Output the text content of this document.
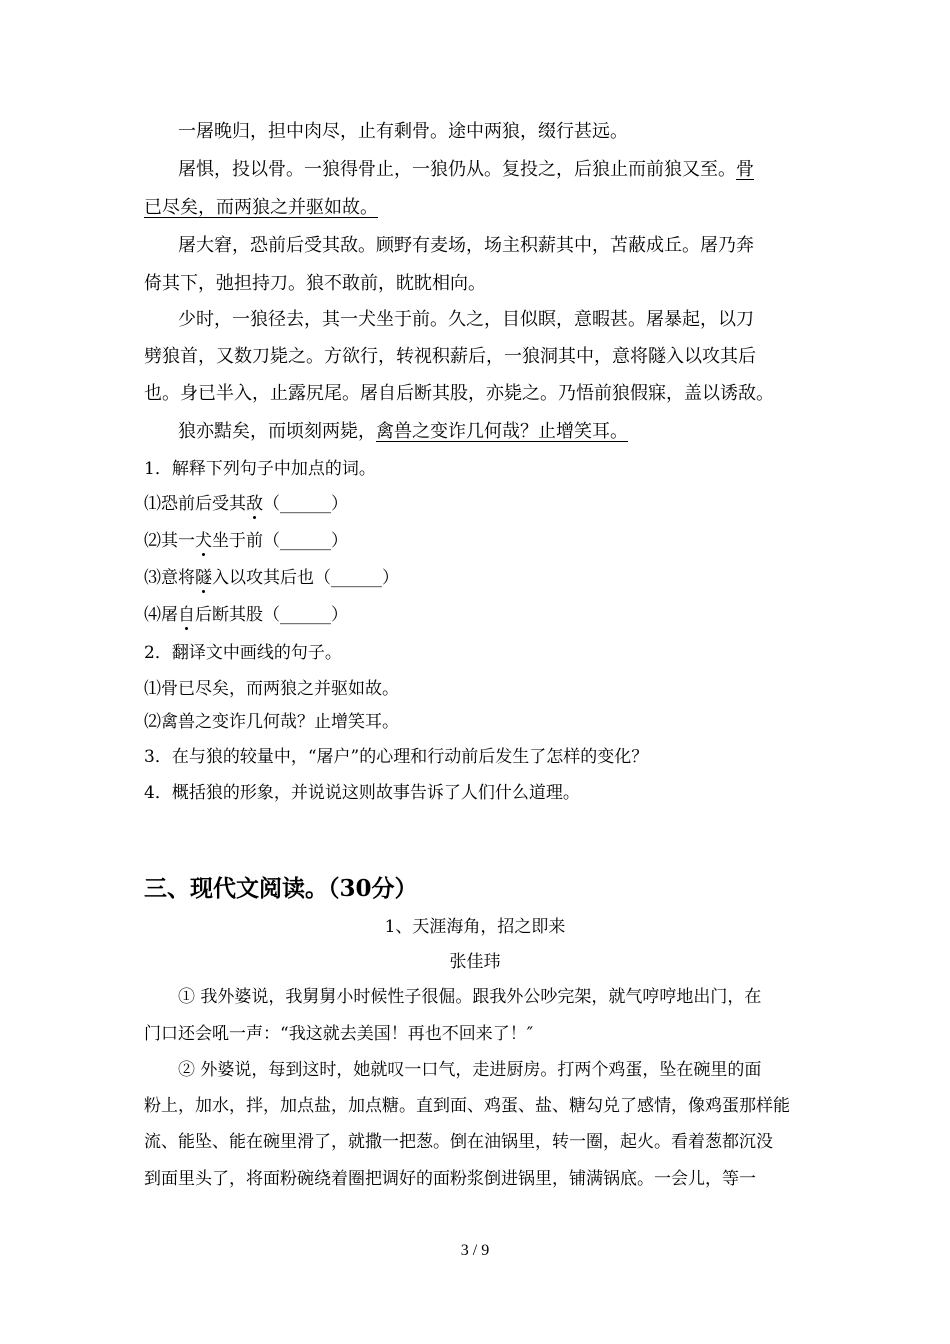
一屠晚归，担中肉尽，止有剩骨。途中两狼，缀行甚远。
屠惧，投以骨。一狼得骨止，一狼仍从。复投之，后狼止而前狼又至。骨
已尽矣，而两狼之并驱如故。
屠大窘，恐前后受其敌。顾野有麦场，场主积薪其中，苫蔽成丘。屠乃奔
倚其下，弛担持刀。狼不敢前，眈眈相向。
少时，一狼径去，其一犬坐于前。久之，目似瞑，意暇甚。屠暴起，以刀
劈狼首，又数刀毙之。方欲行，转视积薪后，一狼洞其中，意将隧入以攻其后
也。身已半入，止露尻尾。屠自后断其股，亦毙之。乃悟前狼假寐，盖以诱敌。
狼亦黠矣，而顷刻两毙，禽兽之变诈几何哉？止增笑耳。
1．解释下列句子中加点的词。
⑴恐前后受其敌（______）
⑵其一犬坐于前（______）
⑶意将隧入以攻其后也（______）
⑷屠自后断其股（______）
2．翻译文中画线的句子。
⑴骨已尽矣，而两狼之并驱如故。
⑵禽兽之变诈几何哉？止增笑耳。
3．在与狼的较量中，“屠户”的心理和行动前后发生了怎样的变化？
4．概括狼的形象，并说说这则故事告诉了人们什么道理。
三、现代文阅读。（30分）
1、天涯海角，招之即来
张佳玮
① 我外婆说，我舅舅小时候性子很倔。跟我外公吵完架，就气哼哼地出门，在
门口还会吼一声：“我这就去美国！再也不回来了！″
② 外婆说，每到这时，她就叹一口气，走进厨房。打两个鸡蛋，坠在碗里的面
粉上，加水，拌，加点盐，加点糖。直到面、鸡蛋、盐、糖勾兑了感情，像鸡蛋那样能
流、能坠、能在碗里滑了，就撒一把葱。倒在油锅里，转一圈，起火。看着葱都沉没
到面里头了，将面粉碗绕着圈把调好的面粉浆倒进锅里，铺满锅底。一会儿，等一
3 / 9
